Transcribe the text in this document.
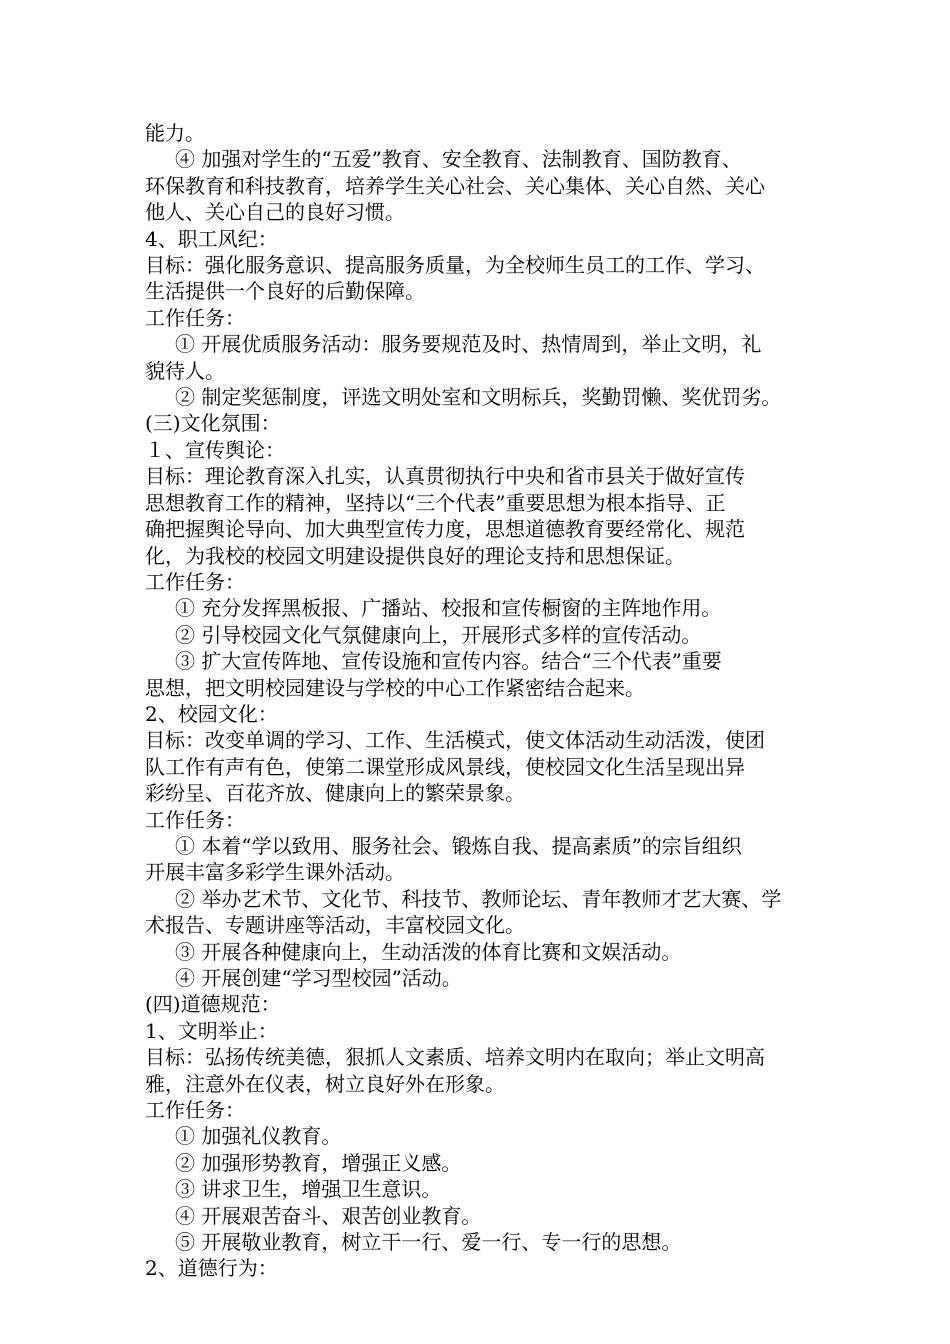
能力。
④ 加强对学生的“五爱”教育、安全教育、法制教育、国防教育、
环保教育和科技教育，培养学生关心社会、关心集体、关心自然、关心
他人、关心自己的良好习惯。
4、职工风纪：
目标：强化服务意识、提高服务质量，为全校师生员工的工作、学习、
生活提供一个良好的后勤保障。
工作任务：
① 开展优质服务活动：服务要规范及时、热情周到，举止文明，礼
貌待人。
② 制定奖惩制度，评选文明处室和文明标兵，奖勤罚懒、奖优罚劣。
(三)文化氛围：
１、宣传舆论：
目标：理论教育深入扎实，认真贯彻执行中央和省市县关于做好宣传
思想教育工作的精神，坚持以“三个代表”重要思想为根本指导、正
确把握舆论导向、加大典型宣传力度，思想道德教育要经常化、规范
化，为我校的校园文明建设提供良好的理论支持和思想保证。
工作任务：
① 充分发挥黑板报、广播站、校报和宣传橱窗的主阵地作用。
② 引导校园文化气氛健康向上，开展形式多样的宣传活动。
③ 扩大宣传阵地、宣传设施和宣传内容。结合“三个代表”重要
思想，把文明校园建设与学校的中心工作紧密结合起来。
2、校园文化：
目标：改变单调的学习、工作、生活模式，使文体活动生动活泼，使团
队工作有声有色，使第二课堂形成风景线，使校园文化生活呈现出异
彩纷呈、百花齐放、健康向上的繁荣景象。
工作任务：
① 本着“学以致用、服务社会、锻炼自我、提高素质”的宗旨组织
开展丰富多彩学生课外活动。
② 举办艺术节、文化节、科技节、教师论坛、青年教师才艺大赛、学
术报告、专题讲座等活动，丰富校园文化。
③ 开展各种健康向上，生动活泼的体育比赛和文娱活动。
④ 开展创建“学习型校园”活动。
(四)道德规范：
1、文明举止：
目标：弘扬传统美德，狠抓人文素质、培养文明内在取向；举止文明高
雅，注意外在仪表，树立良好外在形象。
工作任务：
① 加强礼仪教育。
② 加强形势教育，增强正义感。
③ 讲求卫生，增强卫生意识。
④ 开展艰苦奋斗、艰苦创业教育。
⑤ 开展敬业教育，树立干一行、爱一行、专一行的思想。
2、道德行为：
